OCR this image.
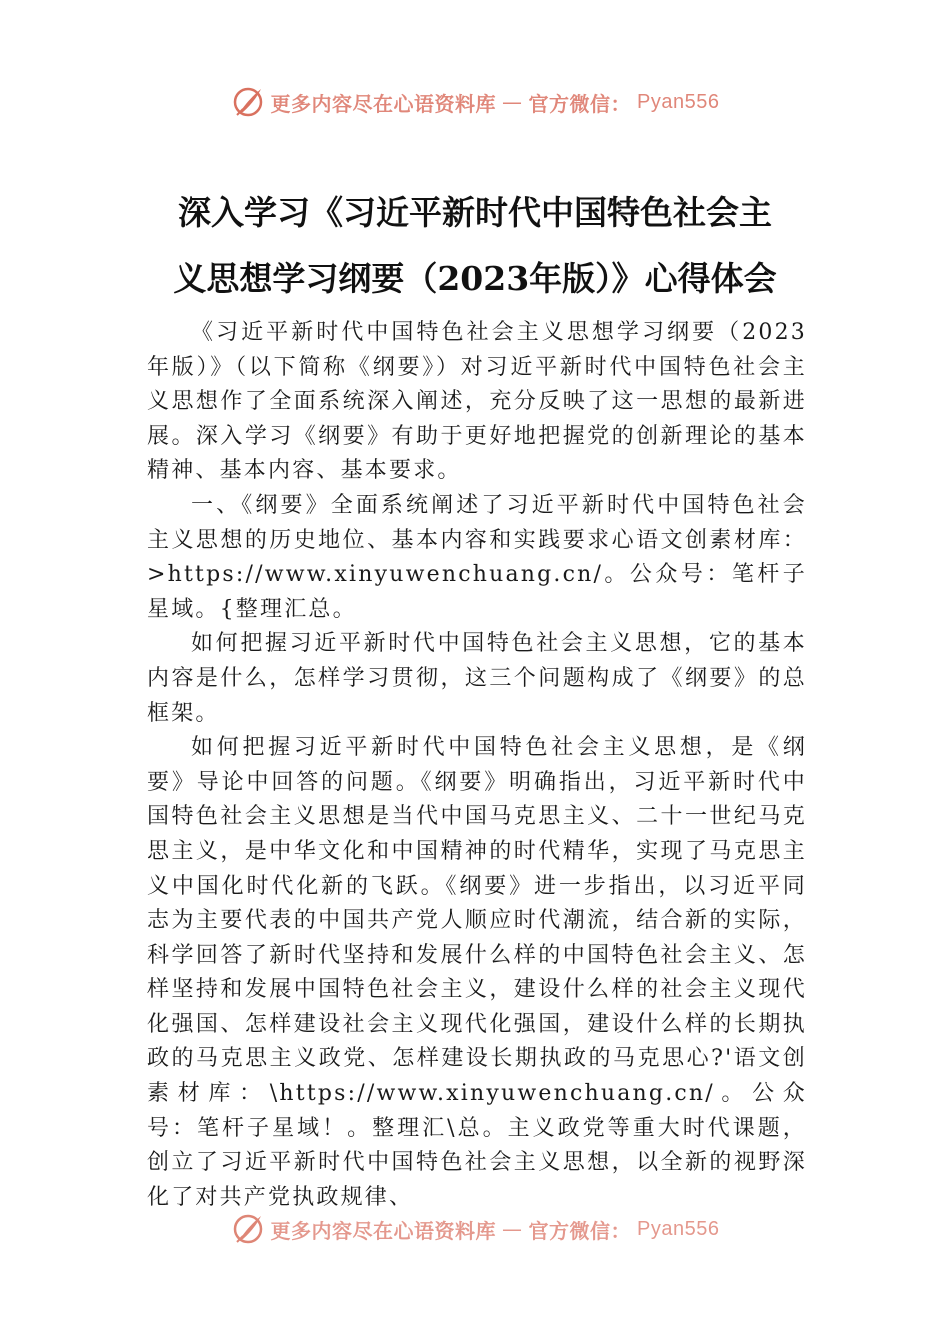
更多内容尽在心语资料库 — 官方微信： Pyan556
深入学习《习近平新时代中国特色社会主
义思想学习纲要（2023年版）》心得体会

《习近平新时代中国特色社会主义思想学习纲要（2023年版）》（以下简称《纲要》）对习近平新时代中国特色社会主义思想作了全面系统深入阐述，充分反映了这一思想的最新进展。深入学习《纲要》有助于更好地把握党的创新理论的基本精神、基本内容、基本要求。

一、《纲要》全面系统阐述了习近平新时代中国特色社会主义思想的历史地位、基本内容和实践要求心语文创素材库：>https://www.xinyuwenchuang.cn/。公众号：笔杆子星域。{整理汇总。

如何把握习近平新时代中国特色社会主义思想，它的基本内容是什么，怎样学习贯彻，这三个问题构成了《纲要》的总框架。

如何把握习近平新时代中国特色社会主义思想，是《纲要》导论中回答的问题。《纲要》明确指出，习近平新时代中国特色社会主义思想是当代中国马克思主义、二十一世纪马克思主义，是中华文化和中国精神的时代精华，实现了马克思主义中国化时代化新的飞跃。《纲要》进一步指出，以习近平同志为主要代表的中国共产党人顺应时代潮流，结合新的实际，科学回答了新时代坚持和发展什么样的中国特色社会主义、怎样坚持和发展中国特色社会主义，建设什么样的社会主义现代化强国、怎样建设社会主义现代化强国，建设什么样的长期执政的马克思主义政党、怎样建设长期执政的马克思心?'语文创素材库：\https://www.xinyuwenchuang.cn/。公众号：笔杆子星域！。整理汇\总。主义政党等重大时代课题，创立了习近平新时代中国特色社会主义思想，以全新的视野深化了对共产党执政规律、

更多内容尽在心语资料库 — 官方微信： Pyan556
